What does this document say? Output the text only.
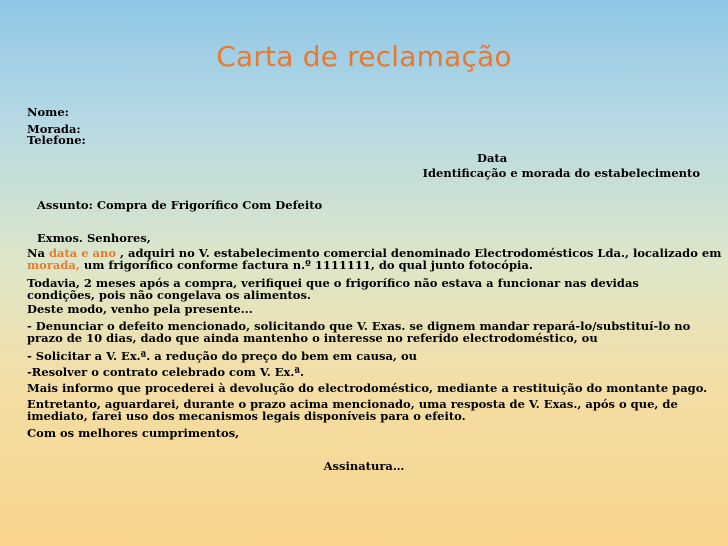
Carta de reclamação
Nome:
Morada:
Telefone:
Data
Identificação e morada do estabelecimento
Assunto: Compra de Frigorífico Com Defeito
Exmos. Senhores,
Na data e ano , adquiri no V. estabelecimento comercial denominado Electrodomésticos Lda., localizado em
morada, um frigorífico conforme factura n.º 1111111, do qual junto fotocópia.
Todavia, 2 meses após a compra, verifiquei que o frigorífico não estava a funcionar nas devidas condições, pois não congelava os alimentos.
Deste modo, venho pela presente...
- Denunciar o defeito mencionado, solicitando que V. Exas. se dignem mandar repará-lo/substituí-lo no prazo de 10 dias, dado que ainda mantenho o interesse no referido electrodoméstico, ou
- Solicitar a V. Ex.ª. a redução do preço do bem em causa, ou
-Resolver o contrato celebrado com V. Ex.ª.
Mais informo que procederei à devolução do electrodoméstico, mediante a restituição do montante pago.
Entretanto, aguardarei, durante o prazo acima mencionado, uma resposta de V. Exas., após o que, de imediato, farei uso dos mecanismos legais disponíveis para o efeito.
Com os melhores cumprimentos,
Assinatura…
